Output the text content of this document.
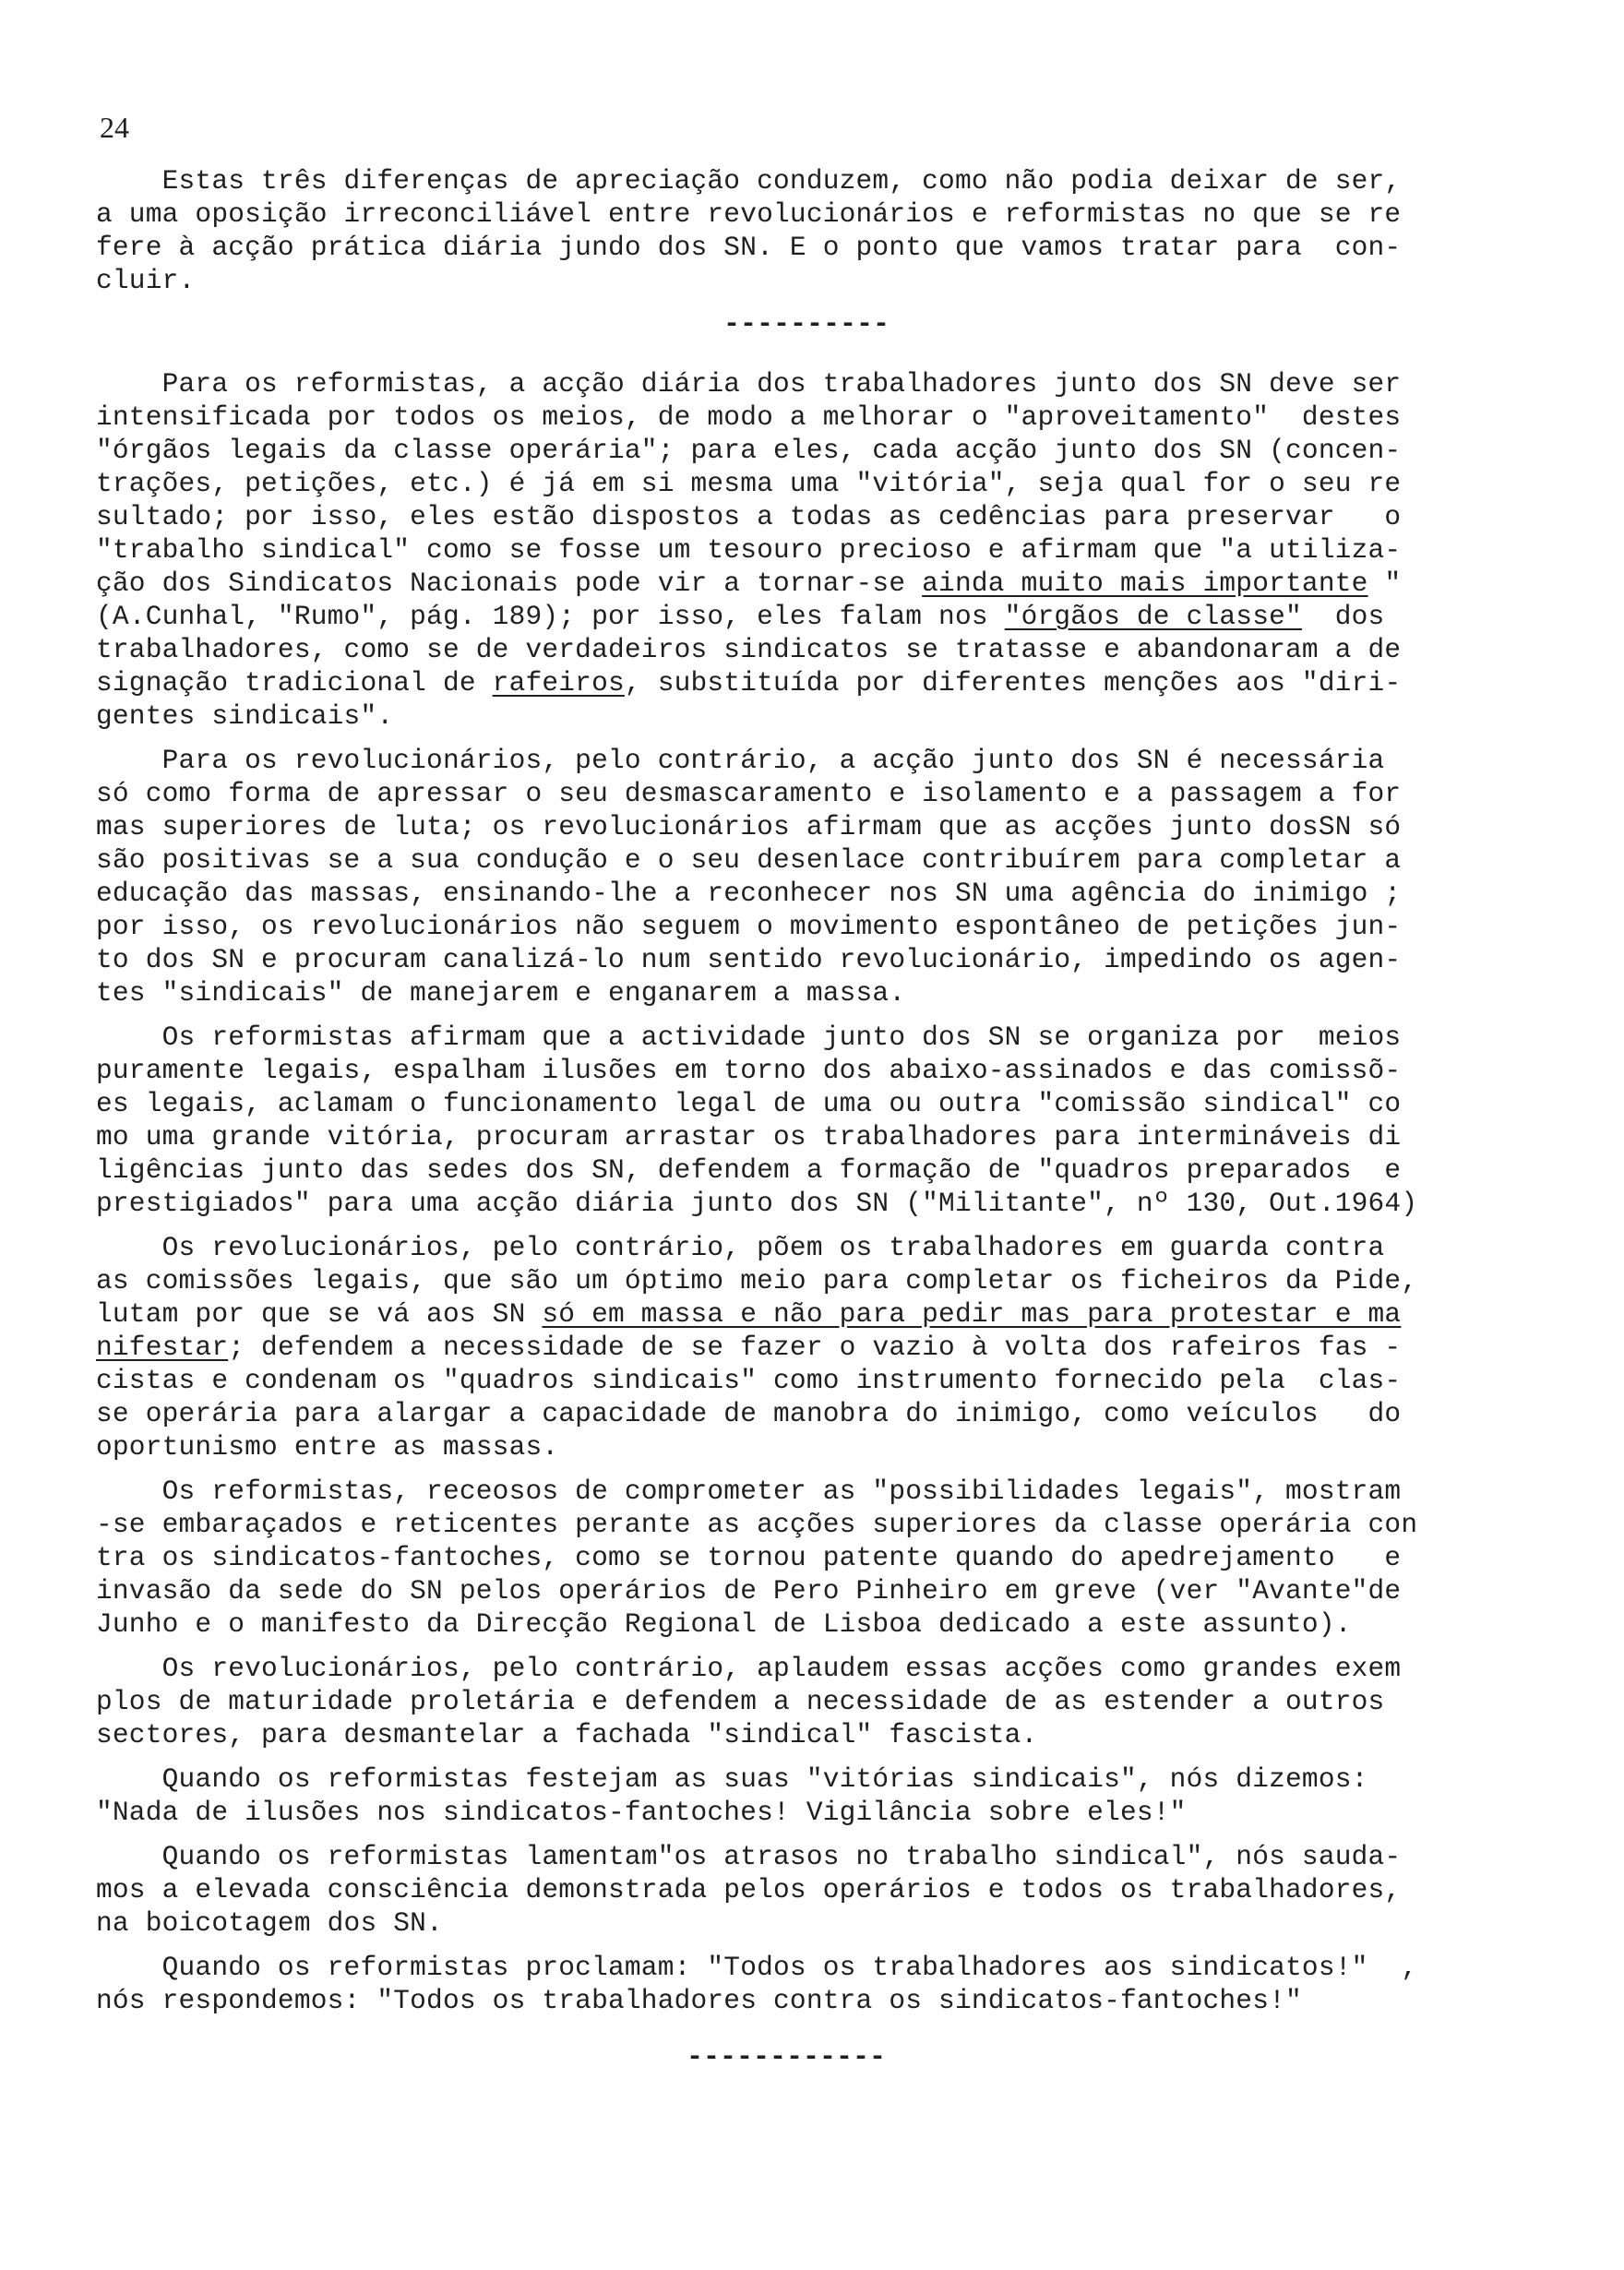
24
Estas três diferenças de apreciação conduzem, como não podia deixar de ser,
a uma oposição irreconciliável entre revolucionários e reformistas no que se re
fere à acção prática diária jundo dos SN. E o ponto que vamos tratar para  con-
cluir.
----------
Para os reformistas, a acção diária dos trabalhadores junto dos SN deve ser
intensificada por todos os meios, de modo a melhorar o "aproveitamento"  destes
"órgãos legais da classe operária"; para eles, cada acção junto dos SN (concen-
trações, petições, etc.) é já em si mesma uma "vitória", seja qual for o seu re
sultado; por isso, eles estão dispostos a todas as cedências para preservar   o
"trabalho sindical" como se fosse um tesouro precioso e afirmam que "a utiliza-
ção dos Sindicatos Nacionais pode vir a tornar-se ainda muito mais importante "
(A.Cunhal, "Rumo", pág. 189); por isso, eles falam nos "órgãos de classe"  dos
trabalhadores, como se de verdadeiros sindicatos se tratasse e abandonaram a de
signação tradicional de rafeiros, substituída por diferentes menções aos "diri-
gentes sindicais".
Para os revolucionários, pelo contrário, a acção junto dos SN é necessária
só como forma de apressar o seu desmascaramento e isolamento e a passagem a for
mas superiores de luta; os revolucionários afirmam que as acções junto dosSN só
são positivas se a sua condução e o seu desenlace contribuírem para completar a
educação das massas, ensinando-lhe a reconhecer nos SN uma agência do inimigo ;
por isso, os revolucionários não seguem o movimento espontâneo de petições jun-
to dos SN e procuram canalizá-lo num sentido revolucionário, impedindo os agen-
tes "sindicais" de manejarem e enganarem a massa.
Os reformistas afirmam que a actividade junto dos SN se organiza por  meios
puramente legais, espalham ilusões em torno dos abaixo-assinados e das comissõ-
es legais, aclamam o funcionamento legal de uma ou outra "comissão sindical" co
mo uma grande vitória, procuram arrastar os trabalhadores para intermináveis di
ligências junto das sedes dos SN, defendem a formação de "quadros preparados  e
prestigiados" para uma acção diária junto dos SN ("Militante", nº 130, Out.1964)
Os revolucionários, pelo contrário, põem os trabalhadores em guarda contra
as comissões legais, que são um óptimo meio para completar os ficheiros da Pide,
lutam por que se vá aos SN só em massa e não para pedir mas para protestar e ma
nifestar; defendem a necessidade de se fazer o vazio à volta dos rafeiros fas -
cistas e condenam os "quadros sindicais" como instrumento fornecido pela  clas-
se operária para alargar a capacidade de manobra do inimigo, como veículos   do
oportunismo entre as massas.
Os reformistas, receosos de comprometer as "possibilidades legais", mostram
-se embaraçados e reticentes perante as acções superiores da classe operária con
tra os sindicatos-fantoches, como se tornou patente quando do apedrejamento   e
invasão da sede do SN pelos operários de Pero Pinheiro em greve (ver "Avante"de
Junho e o manifesto da Direcção Regional de Lisboa dedicado a este assunto).
Os revolucionários, pelo contrário, aplaudem essas acções como grandes exem
plos de maturidade proletária e defendem a necessidade de as estender a outros
sectores, para desmantelar a fachada "sindical" fascista.
Quando os reformistas festejam as suas "vitórias sindicais", nós dizemos:
"Nada de ilusões nos sindicatos-fantoches! Vigilância sobre eles!"
Quando os reformistas lamentam"os atrasos no trabalho sindical", nós sauda-
mos a elevada consciência demonstrada pelos operários e todos os trabalhadores,
na boicotagem dos SN.
Quando os reformistas proclamam: "Todos os trabalhadores aos sindicatos!"  ,
nós respondemos: "Todos os trabalhadores contra os sindicatos-fantoches!"
------------
